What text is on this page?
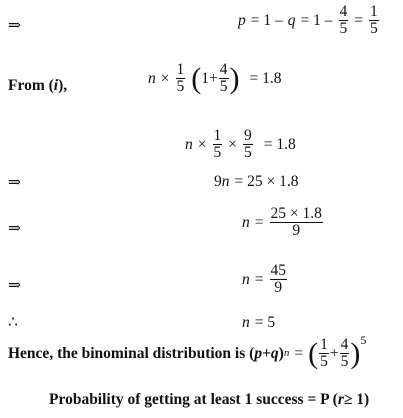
⇒	$p = 1 - q = 1 - \frac{4}{5} = \frac{1}{5}$
From ( i ),	$n \times \frac{1}{5}$ ( $1+ \frac{4}{5}$ ) = 1.8
$n \times \frac{1}{5} \times \frac{9}{5} = 1.8$
⇒	9 n = 25 × 1.8
⇒	$n = \frac{25 \times 1.8}{9}$
⇒	$n = \frac{45}{9}$
∴	n = 5
Hence, the binominal distribution is ( p + q ) n = ( $\frac{1}{5} + \frac{4}{5}$ ) 5
Probability of getting at least 1 success = P ( r ≥ 1)
